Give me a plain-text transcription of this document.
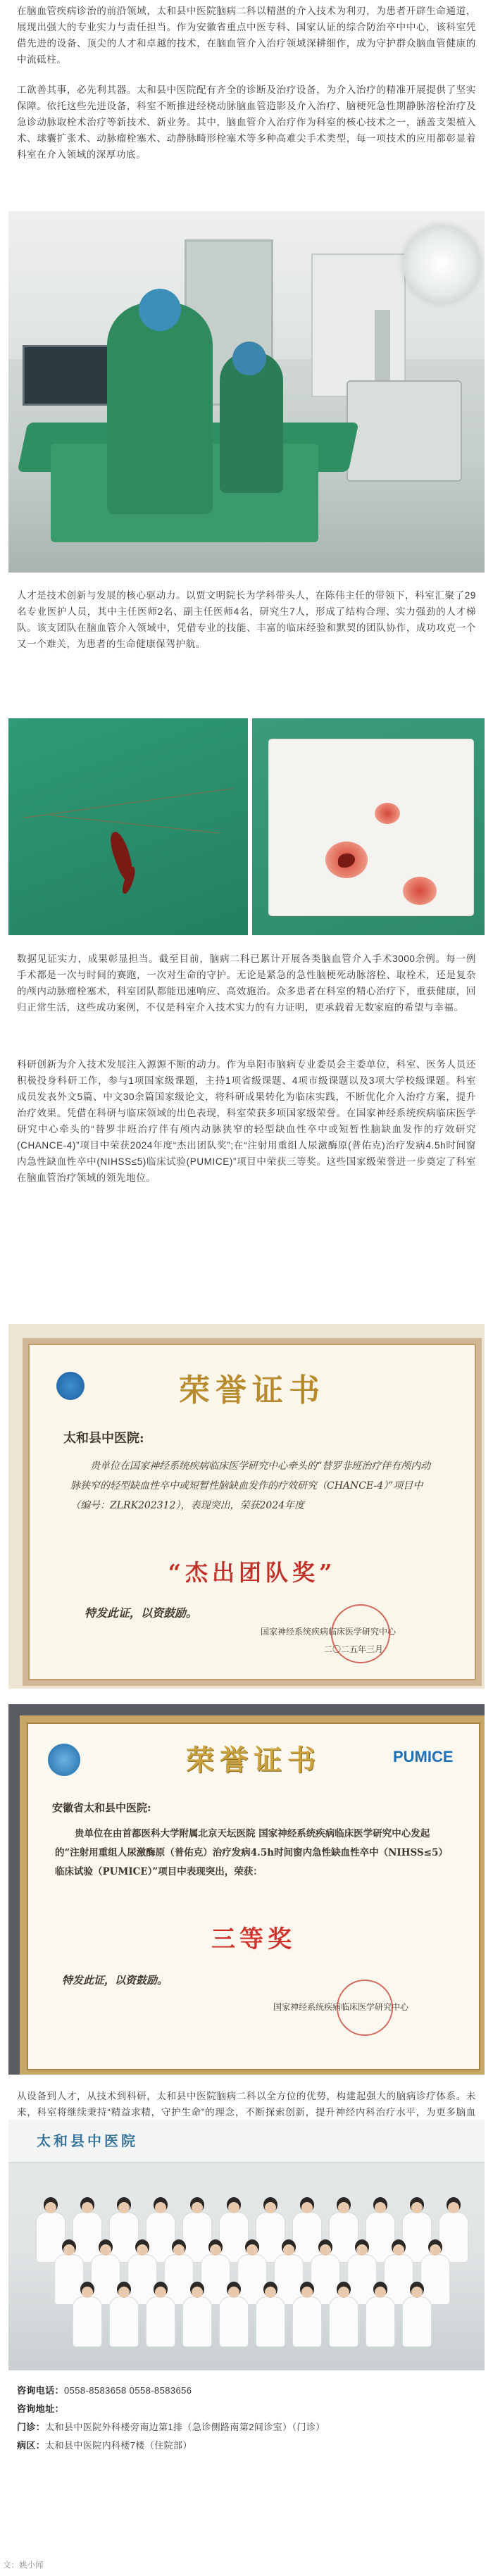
在脑血管疾病诊治的前沿领域，太和县中医院脑病二科以精湛的介入技术为利刃，为患者开辟生命通道，展现出强大的专业实力与责任担当。作为安徽省重点中医专科、国家认证的综合防治卒中中心，该科室凭借先进的设备、顶尖的人才和卓越的技术，在脑血管介入治疗领域深耕细作，成为守护群众脑血管健康的中流砥柱。

工欲善其事，必先利其器。太和县中医院配有齐全的诊断及治疗设备，为介入治疗的精准开展提供了坚实保障。依托这些先进设备，科室不断推进经桡动脉脑血管造影及介入治疗、脑梗死急性期静脉溶栓治疗及急诊动脉取栓术治疗等新技术、新业务。其中，脑血管介入治疗作为科室的核心技术之一，涵盖支架植入术、球囊扩张术、动脉瘤栓塞术、动静脉畸形栓塞术等多种高难尖手术类型，每一项技术的应用都彰显着科室在介入领域的深厚功底。

人才是技术创新与发展的核心驱动力。以贾文明院长为学科带头人，在陈伟主任的带领下，科室汇聚了29名专业医护人员，其中主任医师2名、副主任医师4名，研究生7人，形成了结构合理、实力强劲的人才梯队。该支团队在脑血管介入领域中，凭借专业的技能、丰富的临床经验和默契的团队协作，成功攻克一个又一个难关，为患者的生命健康保驾护航。

数据见证实力，成果彰显担当。截至目前，脑病二科已累计开展各类脑血管介入手术3000余例。每一例手术都是一次与时间的赛跑，一次对生命的守护。无论是紧急的急性脑梗死动脉溶栓、取栓术，还是复杂的颅内动脉瘤栓塞术，科室团队都能迅速响应、高效施治。众多患者在科室的精心治疗下，重获健康，回归正常生活，这些成功案例，不仅是科室介入技术实力的有力证明，更承载着无数家庭的希望与幸福。

科研创新为介入技术发展注入源源不断的动力。作为阜阳市脑病专业委员会主委单位，科室、医务人员还积极投身科研工作，参与1项国家级课题，主持1项省级课题、4项市级课题以及3项大学校级课题。科室成员发表外文5篇、中文30余篇国家级论文，将科研成果转化为临床实践，不断优化介入治疗方案，提升治疗效果。凭借在科研与临床领域的出色表现，科室荣获多项国家级荣誉。在国家神经系统疾病临床医学研究中心牵头的“替罗非班治疗伴有颅内动脉狭窄的轻型缺血性卒中或短暂性脑缺血发作的疗效研究(CHANCE-4)”项目中荣获2024年度“杰出团队奖”;在“注射用重组人尿激酶原(普佑克)治疗发病4.5h时间窗内急性缺血性卒中(NIHSS≤5)临床试验(PUMICE)”项目中荣获三等奖。这些国家级荣誉进一步奠定了科室在脑血管治疗领域的领先地位。

荣誉证书
太和县中医院:
贵单位在国家神经系统疾病临床医学研究中心牵头的“替罗非班治疗伴有颅内动脉狭窄的轻型缺血性卒中或短暂性脑缺血发作的疗效研究（CHANCE-4）”项目中（编号：ZLRK202312），表现突出，荣获2024年度
“杰出团队奖”
特发此证，以资鼓励。
国家神经系统疾病临床医学研究中心
二〇二五年三月
荣誉证书	PUMICE
安徽省太和县中医院:
贵单位在由首都医科大学附属北京天坛医院 国家神经系统疾病临床医学研究中心发起的“注射用重组人尿激酶原（普佑克）治疗发病4.5h时间窗内急性缺血性卒中（NIHSS≤5）临床试验（PUMICE）”项目中表现突出，荣获：
三等奖
特发此证，以资鼓励。
国家神经系统疾病临床医学研究中心

从设备到人才，从技术到科研，太和县中医院脑病二科以全方位的优势，构建起强大的脑病诊疗体系。未来，科室将继续秉持“精益求精，守护生命”的理念，不断探索创新，提升神经内科治疗水平，为更多脑血

太和县中医院
咨询电话：0558-8583658 0558-8583656
咨询地址：
门诊：太和县中医院外科楼旁南边第1排（急诊侧路南第2间诊室）（门诊）
病区：太和县中医院内科楼7楼（住院部）
文：姚小闻
